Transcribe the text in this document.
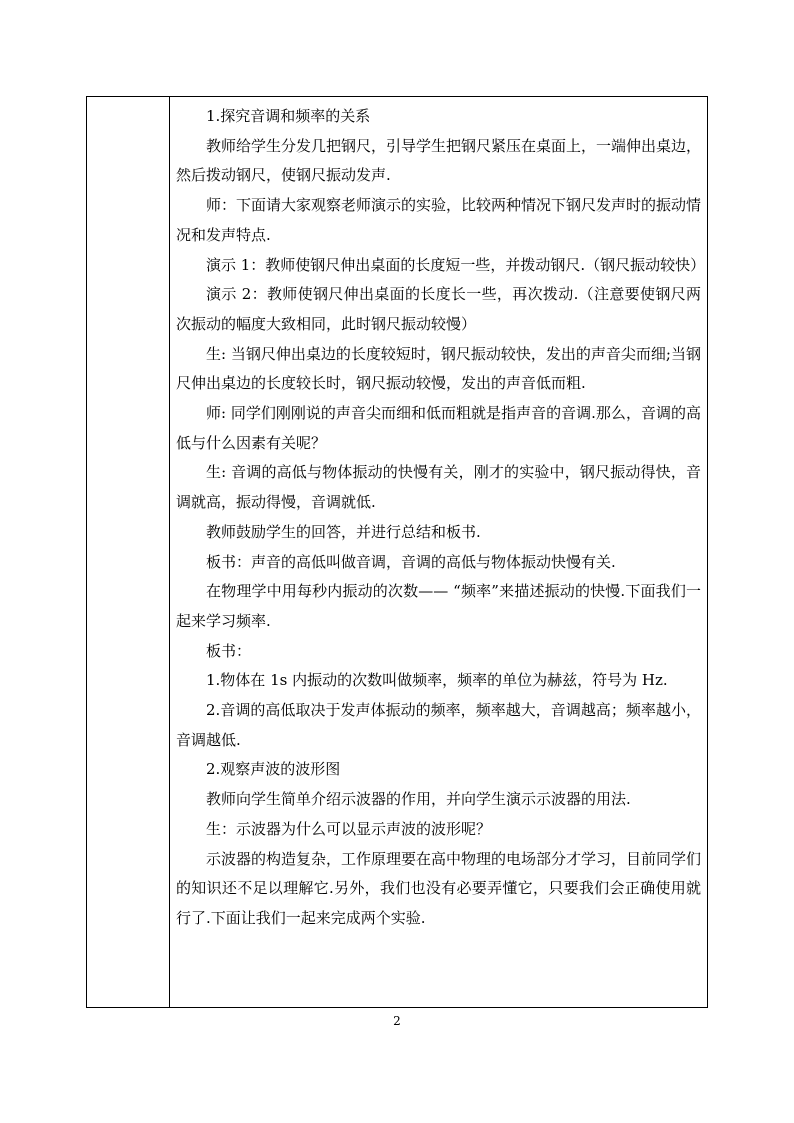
1.探究音调和频率的关系

教师给学生分发几把钢尺，引导学生把钢尺紧压在桌面上，一端伸出桌边，然后拨动钢尺，使钢尺振动发声.

师：下面请大家观察老师演示的实验，比较两种情况下钢尺发声时的振动情况和发声特点.

演示 1：教师使钢尺伸出桌面的长度短一些，并拨动钢尺.（钢尺振动较快）

演示 2：教师使钢尺伸出桌面的长度长一些，再次拨动.（注意要使钢尺两次振动的幅度大致相同，此时钢尺振动较慢）

生: 当钢尺伸出桌边的长度较短时，钢尺振动较快，发出的声音尖而细;当钢尺伸出桌边的长度较长时，钢尺振动较慢，发出的声音低而粗.

师: 同学们刚刚说的声音尖而细和低而粗就是指声音的音调.那么，音调的高低与什么因素有关呢？

生: 音调的高低与物体振动的快慢有关，刚才的实验中，钢尺振动得快，音调就高，振动得慢，音调就低.

教师鼓励学生的回答，并进行总结和板书.

板书：声音的高低叫做音调，音调的高低与物体振动快慢有关.

在物理学中用每秒内振动的次数—— “频率”来描述振动的快慢.下面我们一起来学习频率.

板书：

1.物体在 1s 内振动的次数叫做频率，频率的单位为赫兹，符号为 Hz.

2.音调的高低取决于发声体振动的频率，频率越大，音调越高；频率越小，音调越低.

2.观察声波的波形图

教师向学生简单介绍示波器的作用，并向学生演示示波器的用法.

生：示波器为什么可以显示声波的波形呢？

示波器的构造复杂，工作原理要在高中物理的电场部分才学习，目前同学们的知识还不足以理解它.另外，我们也没有必要弄懂它，只要我们会正确使用就行了.下面让我们一起来完成两个实验.

2
